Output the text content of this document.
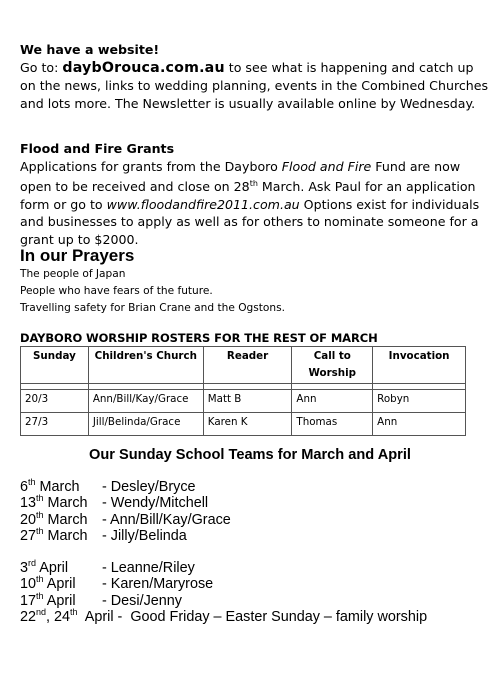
We have a website!
Go to: daybOrouca.com.au to see what is happening and catch up on the news, links to wedding planning, events in the Combined Churches and lots more. The Newsletter is usually available online by Wednesday.
Flood and Fire Grants
Applications for grants from the Dayboro Flood and Fire Fund are now open to be received and close on 28th March. Ask Paul for an application form or go to www.floodandfire2011.com.au Options exist for individuals and businesses to apply as well as for others to nominate someone for a grant up to $2000.
In our Prayers
The people of Japan
People who have fears of the future.
Travelling safety for Brian Crane and the Ogstons.
DAYBORO WORSHIP ROSTERS FOR THE REST OF MARCH
Sunday	Children's Church	Reader	Call to Worship	Invocation

20/3	Ann/Bill/Kay/Grace	Matt B	Ann	Robyn
27/3	Jill/Belinda/Grace	Karen K	Thomas	Ann
Our Sunday School Teams for March and April
6th March	- Desley/Bryce
13th March	- Wendy/Mitchell
20th March	- Ann/Bill/Kay/Grace
27th March	- Jilly/Belinda
3rd April	- Leanne/Riley
10th April	- Karen/Maryrose
17th April	- Desi/Jenny
22nd, 24th  April -  Good Friday – Easter Sunday – family worship
